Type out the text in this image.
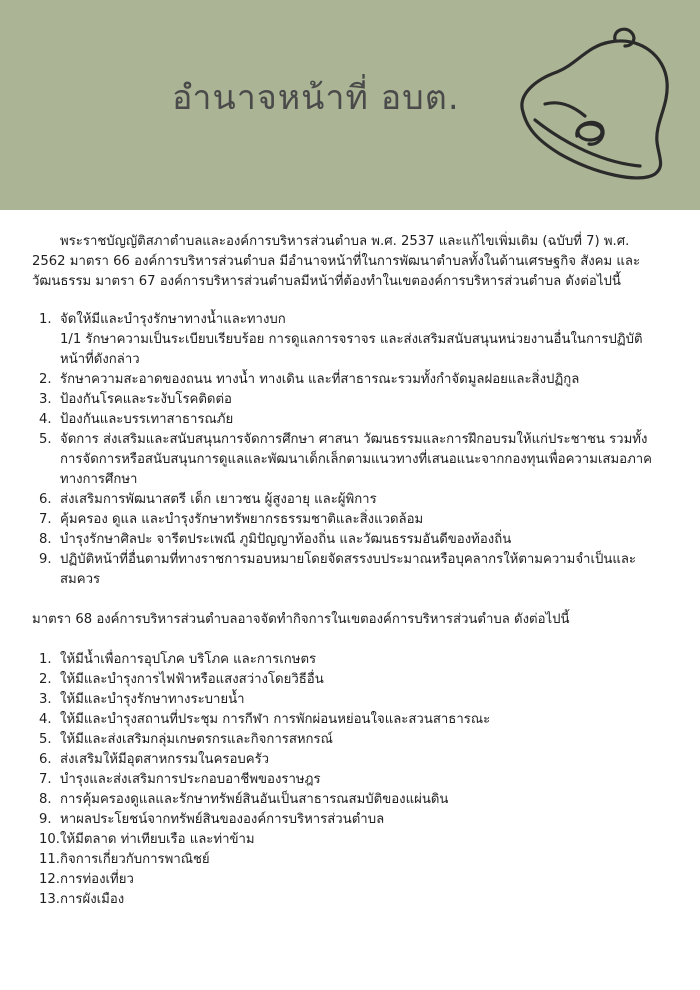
อำนาจหน้าที่ อบต.

พระราชบัญญัติสภาตำบลและองค์การบริหารส่วนตำบล พ.ศ. 2537 และแก้ไขเพิ่มเติม (ฉบับที่ 7) พ.ศ. 2562 มาตรา 66 องค์การบริหารส่วนตำบล มีอำนาจหน้าที่ในการพัฒนาตำบลทั้งในด้านเศรษฐกิจ สังคม และวัฒนธรรม มาตรา 67 องค์การบริหารส่วนตำบลมีหน้าที่ต้องทำในเขตองค์การบริหารส่วนตำบล ดังต่อไปนี้

1. จัดให้มีและบำรุงรักษาทางน้ำและทางบก
1/1 รักษาความเป็นระเบียบเรียบร้อย การดูแลการจราจร และส่งเสริมสนับสนุนหน่วยงานอื่นในการปฏิบัติหน้าที่ดังกล่าว
2. รักษาความสะอาดของถนน ทางน้ำ ทางเดิน และที่สาธารณะรวมทั้งกำจัดมูลฝอยและสิ่งปฏิกูล
3. ป้องกันโรคและระงับโรคติดต่อ
4. ป้องกันและบรรเทาสาธารณภัย
5. จัดการ ส่งเสริมและสนับสนุนการจัดการศึกษา ศาสนา วัฒนธรรมและการฝึกอบรมให้แก่ประชาชน รวมทั้งการจัดการหรือสนับสนุนการดูแลและพัฒนาเด็กเล็กตามแนวทางที่เสนอแนะจากกองทุนเพื่อความเสมอภาคทางการศึกษา
6. ส่งเสริมการพัฒนาสตรี เด็ก เยาวชน ผู้สูงอายุ และผู้พิการ
7. คุ้มครอง ดูแล และบำรุงรักษาทรัพยากรธรรมชาติและสิ่งแวดล้อม
8. บำรุงรักษาศิลปะ จารีตประเพณี ภูมิปัญญาท้องถิ่น และวัฒนธรรมอันดีของท้องถิ่น
9. ปฏิบัติหน้าที่อื่นตามที่ทางราชการมอบหมายโดยจัดสรรงบประมาณหรือบุคลากรให้ตามความจำเป็นและสมควร

มาตรา 68 องค์การบริหารส่วนตำบลอาจจัดทำกิจการในเขตองค์การบริหารส่วนตำบล ดังต่อไปนี้

1. ให้มีน้ำเพื่อการอุปโภค บริโภค และการเกษตร
2. ให้มีและบำรุงการไฟฟ้าหรือแสงสว่างโดยวิธีอื่น
3. ให้มีและบำรุงรักษาทางระบายน้ำ
4. ให้มีและบำรุงสถานที่ประชุม การกีฬา การพักผ่อนหย่อนใจและสวนสาธารณะ
5. ให้มีและส่งเสริมกลุ่มเกษตรกรและกิจการสหกรณ์
6. ส่งเสริมให้มีอุตสาหกรรมในครอบครัว
7. บำรุงและส่งเสริมการประกอบอาชีพของราษฎร
8. การคุ้มครองดูแลและรักษาทรัพย์สินอันเป็นสาธารณสมบัติของแผ่นดิน
9. หาผลประโยชน์จากทรัพย์สินขององค์การบริหารส่วนตำบล
10. ให้มีตลาด ท่าเทียบเรือ และท่าข้าม
11. กิจการเกี่ยวกับการพาณิชย์
12. การท่องเที่ยว
13. การผังเมือง
